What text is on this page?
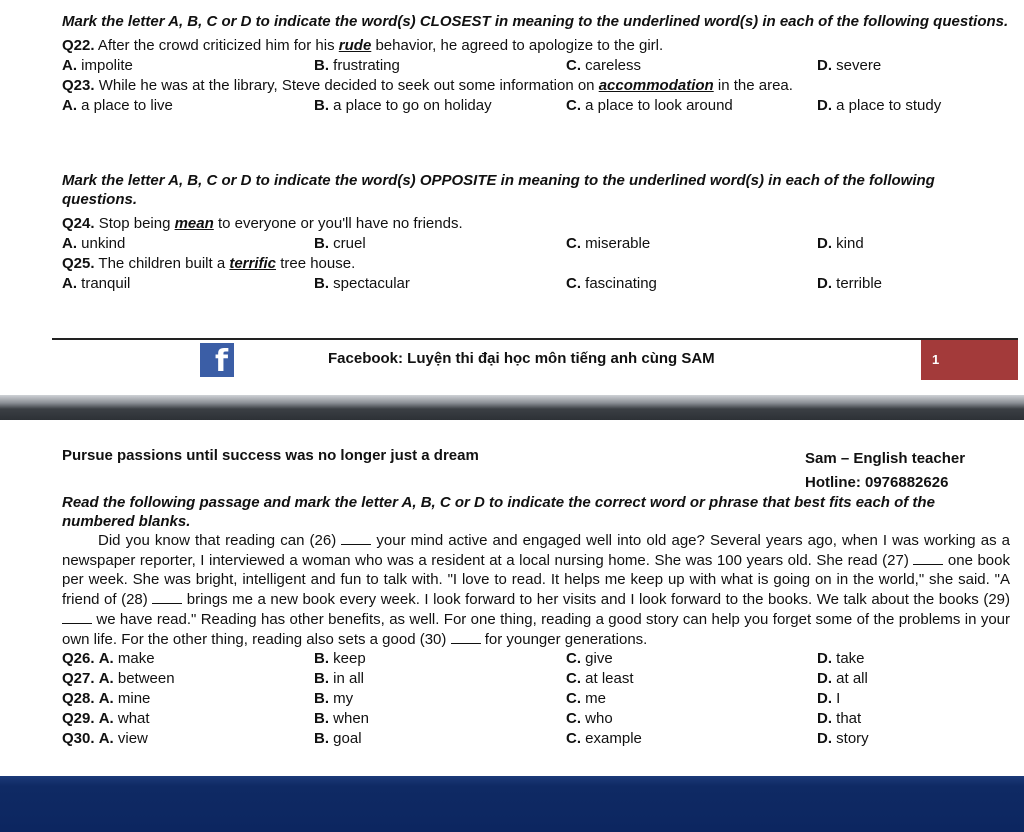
Mark the letter A, B, C or D to indicate the word(s) CLOSEST in meaning to the underlined word(s) in each of the following questions.

Q22. After the crowd criticized him for his rude behavior, he agreed to apologize to the girl.
A. impolite	B. frustrating	C. careless	D. severe
Q23. While he was at the library, Steve decided to seek out some information on accommodation in the area.
A. a place to live	B. a place to go on holiday	C. a place to look around	D. a place to study

Mark the letter A, B, C or D to indicate the word(s) OPPOSITE in meaning to the underlined word(s) in each of the following questions.

Q24. Stop being mean to everyone or you'll have no friends.
A. unkind	B. cruel	C. miserable	D. kind
Q25. The children built a terrific tree house.
A. tranquil	B. spectacular	C. fascinating	D. terrible
f	Facebook: Luyện thi đại học môn tiếng anh cùng SAM	1
Pursue passions until success was no longer just a dream	Sam – English teacher
Hotline: 0976882626

Read the following passage and mark the letter A, B, C or D to indicate the correct word or phrase that best fits each of the numbered blanks.

Did you know that reading can (26)  your mind active and engaged well into old age? Several years ago, when I was working as a newspaper reporter, I interviewed a woman who was a resident at a local nursing home. She was 100 years old. She read (27)  one book per week. She was bright, intelligent and fun to talk with. "I love to read. It helps me keep up with what is going on in the world," she said. "A friend of (28)  brings me a new book every week. I look forward to her visits and I look forward to the books. We talk about the books (29) we have read." Reading has other benefits, as well. For one thing, reading a good story can help you forget some of the problems in your own life. For the other thing, reading also sets a good (30)  for younger generations.

Q26. A. make	B. keep	C. give	D. take
Q27. A. between	B. in all	C. at least	D. at all
Q28. A. mine	B. my	C. me	D. I
Q29. A. what	B. when	C. who	D. that
Q30. A. view	B. goal	C. example	D. story
